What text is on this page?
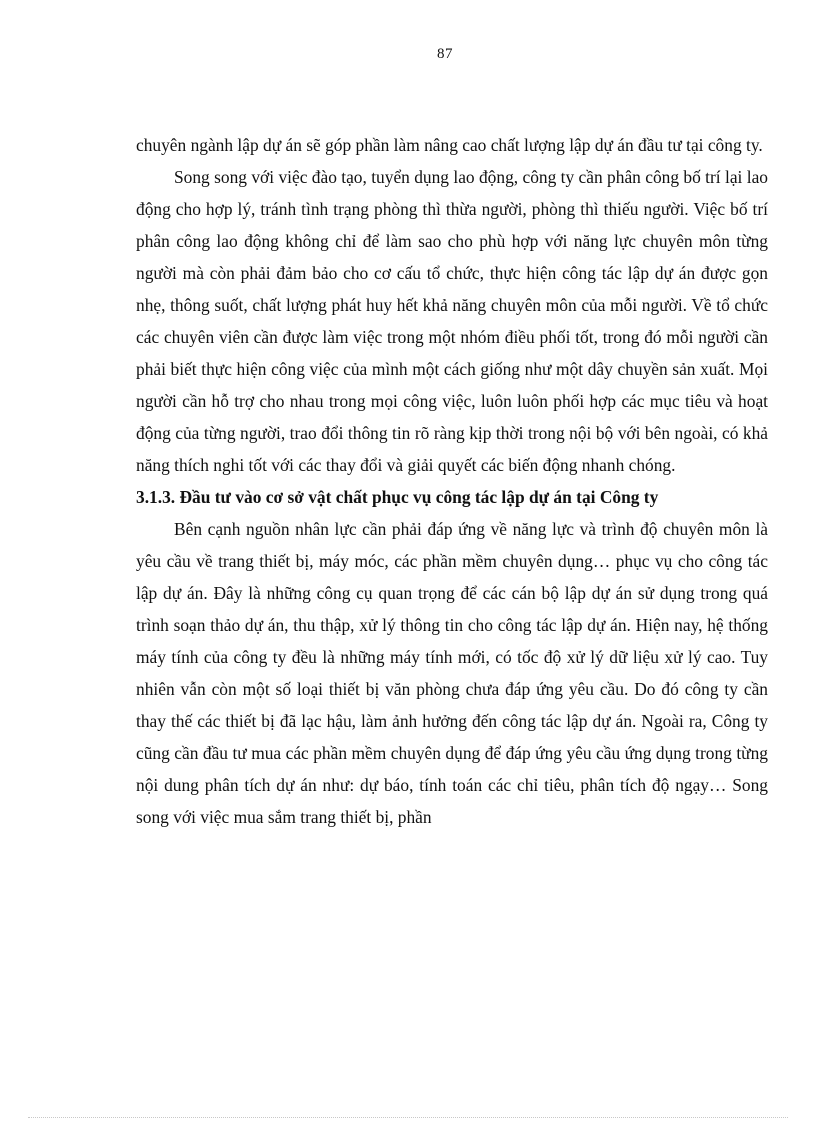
87

chuyên ngành lập dự án sẽ góp phần làm nâng cao chất lượng lập dự án đầu tư tại công ty.

Song song với việc đào tạo, tuyển dụng lao động, công ty cần phân công bố trí lại lao động cho hợp lý, tránh tình trạng phòng thì thừa người, phòng thì thiếu người. Việc bố trí phân công lao động không chỉ để làm sao cho phù hợp với năng lực chuyên môn từng người mà còn phải đảm bảo cho cơ cấu tổ chức, thực hiện công tác lập dự án được gọn nhẹ, thông suốt, chất lượng phát huy hết khả năng chuyên môn của mỗi người. Về tổ chức các chuyên viên cần được làm việc trong một nhóm điều phối tốt, trong đó mỗi người cần phải biết thực hiện công việc của mình một cách giống như một dây chuyền sản xuất. Mọi người cần hỗ trợ cho nhau trong mọi công việc, luôn luôn phối hợp các mục tiêu và hoạt động của từng người, trao đổi thông tin rõ ràng kịp thời trong nội bộ với bên ngoài, có khả năng thích nghi tốt với các thay đổi và giải quyết các biến động nhanh chóng.

3.1.3. Đầu tư vào cơ sở vật chất phục vụ công tác lập dự án tại Công ty

Bên cạnh nguồn nhân lực cần phải đáp ứng về năng lực và trình độ chuyên môn là yêu cầu về trang thiết bị, máy móc, các phần mềm chuyên dụng… phục vụ cho công tác lập dự án. Đây là những công cụ quan trọng để các cán bộ lập dự án sử dụng trong quá trình soạn thảo dự án, thu thập, xử lý thông tin cho công tác lập dự án. Hiện nay, hệ thống máy tính của công ty đều là những máy tính mới, có tốc độ xử lý dữ liệu xử lý cao. Tuy nhiên vẫn còn một số loại thiết bị văn phòng chưa đáp ứng yêu cầu. Do đó công ty cần thay thế các thiết bị đã lạc hậu, làm ảnh hưởng đến công tác lập dự án. Ngoài ra, Công ty cũng cần đầu tư mua các phần mềm chuyên dụng để đáp ứng yêu cầu ứng dụng trong từng nội dung phân tích dự án như: dự báo, tính toán các chỉ tiêu, phân tích độ ngạy… Song song với việc mua sắm trang thiết bị, phần
